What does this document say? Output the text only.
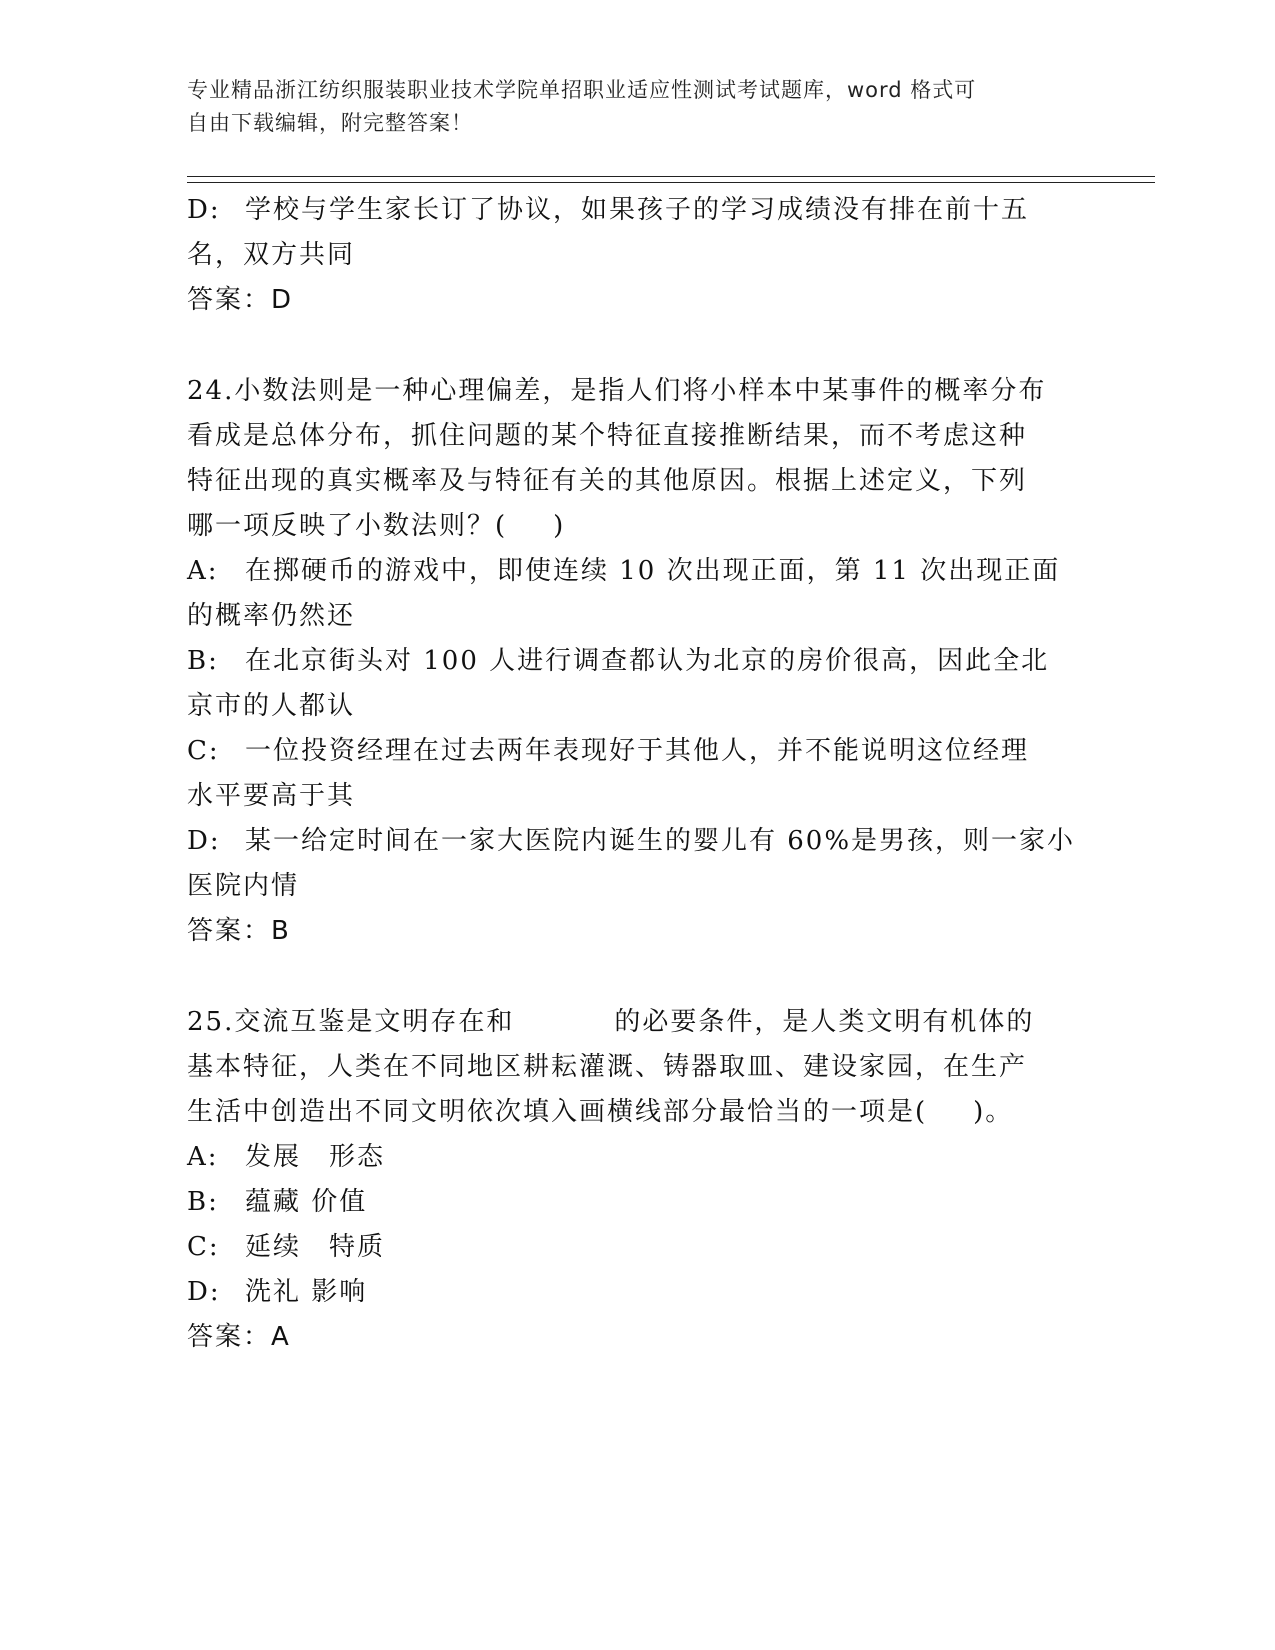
专业精品浙江纺织服装职业技术学院单招职业适应性测试考试题库，word 格式可
自由下载编辑，附完整答案！
D: 学校与学生家长订了协议，如果孩子的学习成绩没有排在前十五
名，双方共同
答案：D
24.小数法则是一种心理偏差，是指人们将小样本中某事件的概率分布
看成是总体分布，抓住问题的某个特征直接推断结果，而不考虑这种
特征出现的真实概率及与特征有关的其他原因。根据上述定义，下列
哪一项反映了小数法则？( )
A: 在掷硬币的游戏中，即使连续 10 次出现正面，第 11 次出现正面
的概率仍然还
B: 在北京街头对 100 人进行调查都认为北京的房价很高，因此全北
京市的人都认
C: 一位投资经理在过去两年表现好于其他人，并不能说明这位经理
水平要高于其
D: 某一给定时间在一家大医院内诞生的婴儿有 60%是男孩，则一家小
医院内情
答案：B
25.交流互鉴是文明存在和	的必要条件，是人类文明有机体的
基本特征，人类在不同地区耕耘灌溉、铸器取皿、建设家园，在生产
生活中创造出不同文明依次填入画横线部分最恰当的一项是( )。
A: 发展　形态
B: 蕴藏 价值
C: 延续　特质
D: 洗礼 影响
答案：A
